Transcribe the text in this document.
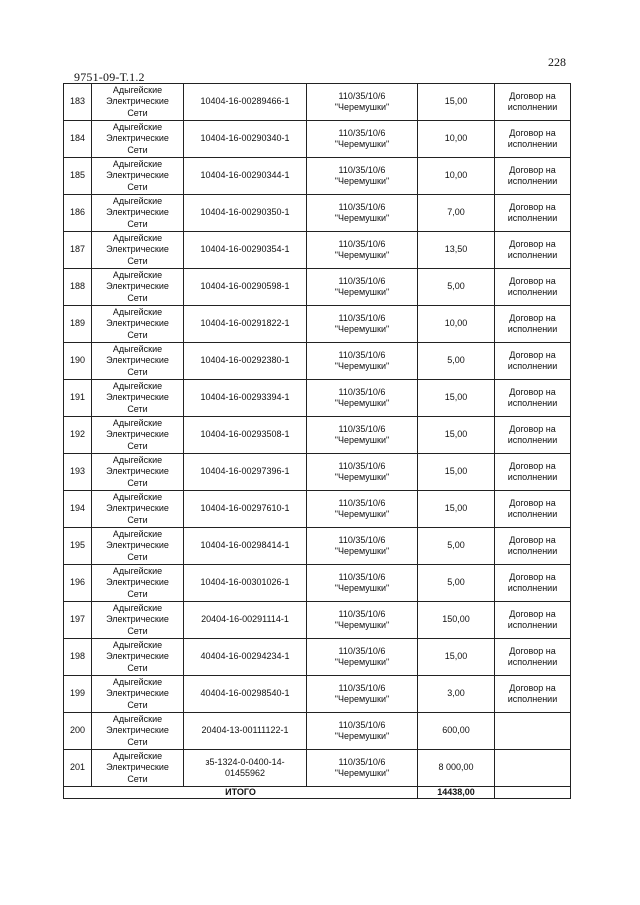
228
9751-09-Т.1.2
183	Адыгейские
Электрические
Сети	10404-16-00289466-1	110/35/10/6
"Черемушки"	15,00	Договор на
исполнении

184	Адыгейские
Электрические
Сети	10404-16-00290340-1	110/35/10/6
"Черемушки"	10,00	Договор на
исполнении

185	Адыгейские
Электрические
Сети	10404-16-00290344-1	110/35/10/6
"Черемушки"	10,00	Договор на
исполнении

186	Адыгейские
Электрические
Сети	10404-16-00290350-1	110/35/10/6
"Черемушки"	7,00	Договор на
исполнении

187	Адыгейские
Электрические
Сети	10404-16-00290354-1	110/35/10/6
"Черемушки"	13,50	Договор на
исполнении

188	Адыгейские
Электрические
Сети	10404-16-00290598-1	110/35/10/6
"Черемушки"	5,00	Договор на
исполнении

189	Адыгейские
Электрические
Сети	10404-16-00291822-1	110/35/10/6
"Черемушки"	10,00	Договор на
исполнении

190	Адыгейские
Электрические
Сети	10404-16-00292380-1	110/35/10/6
"Черемушки"	5,00	Договор на
исполнении

191	Адыгейские
Электрические
Сети	10404-16-00293394-1	110/35/10/6
"Черемушки"	15,00	Договор на
исполнении

192	Адыгейские
Электрические
Сети	10404-16-00293508-1	110/35/10/6
"Черемушки"	15,00	Договор на
исполнении

193	Адыгейские
Электрические
Сети	10404-16-00297396-1	110/35/10/6
"Черемушки"	15,00	Договор на
исполнении

194	Адыгейские
Электрические
Сети	10404-16-00297610-1	110/35/10/6
"Черемушки"	15,00	Договор на
исполнении

195	Адыгейские
Электрические
Сети	10404-16-00298414-1	110/35/10/6
"Черемушки"	5,00	Договор на
исполнении

196	Адыгейские
Электрические
Сети	10404-16-00301026-1	110/35/10/6
"Черемушки"	5,00	Договор на
исполнении

197	Адыгейские
Электрические
Сети	20404-16-00291114-1	110/35/10/6
"Черемушки"	150,00	Договор на
исполнении

198	Адыгейские
Электрические
Сети	40404-16-00294234-1	110/35/10/6
"Черемушки"	15,00	Договор на
исполнении

199	Адыгейские
Электрические
Сети	40404-16-00298540-1	110/35/10/6
"Черемушки"	3,00	Договор на
исполнении

200	Адыгейские
Электрические
Сети	20404-13-00111122-1	110/35/10/6
"Черемушки"	600,00	
201	Адыгейские
Электрические
Сети	з5-1324-0-0400-14-
01455962	110/35/10/6
"Черемушки"	8 000,00	
ИТОГО				14438,00	
